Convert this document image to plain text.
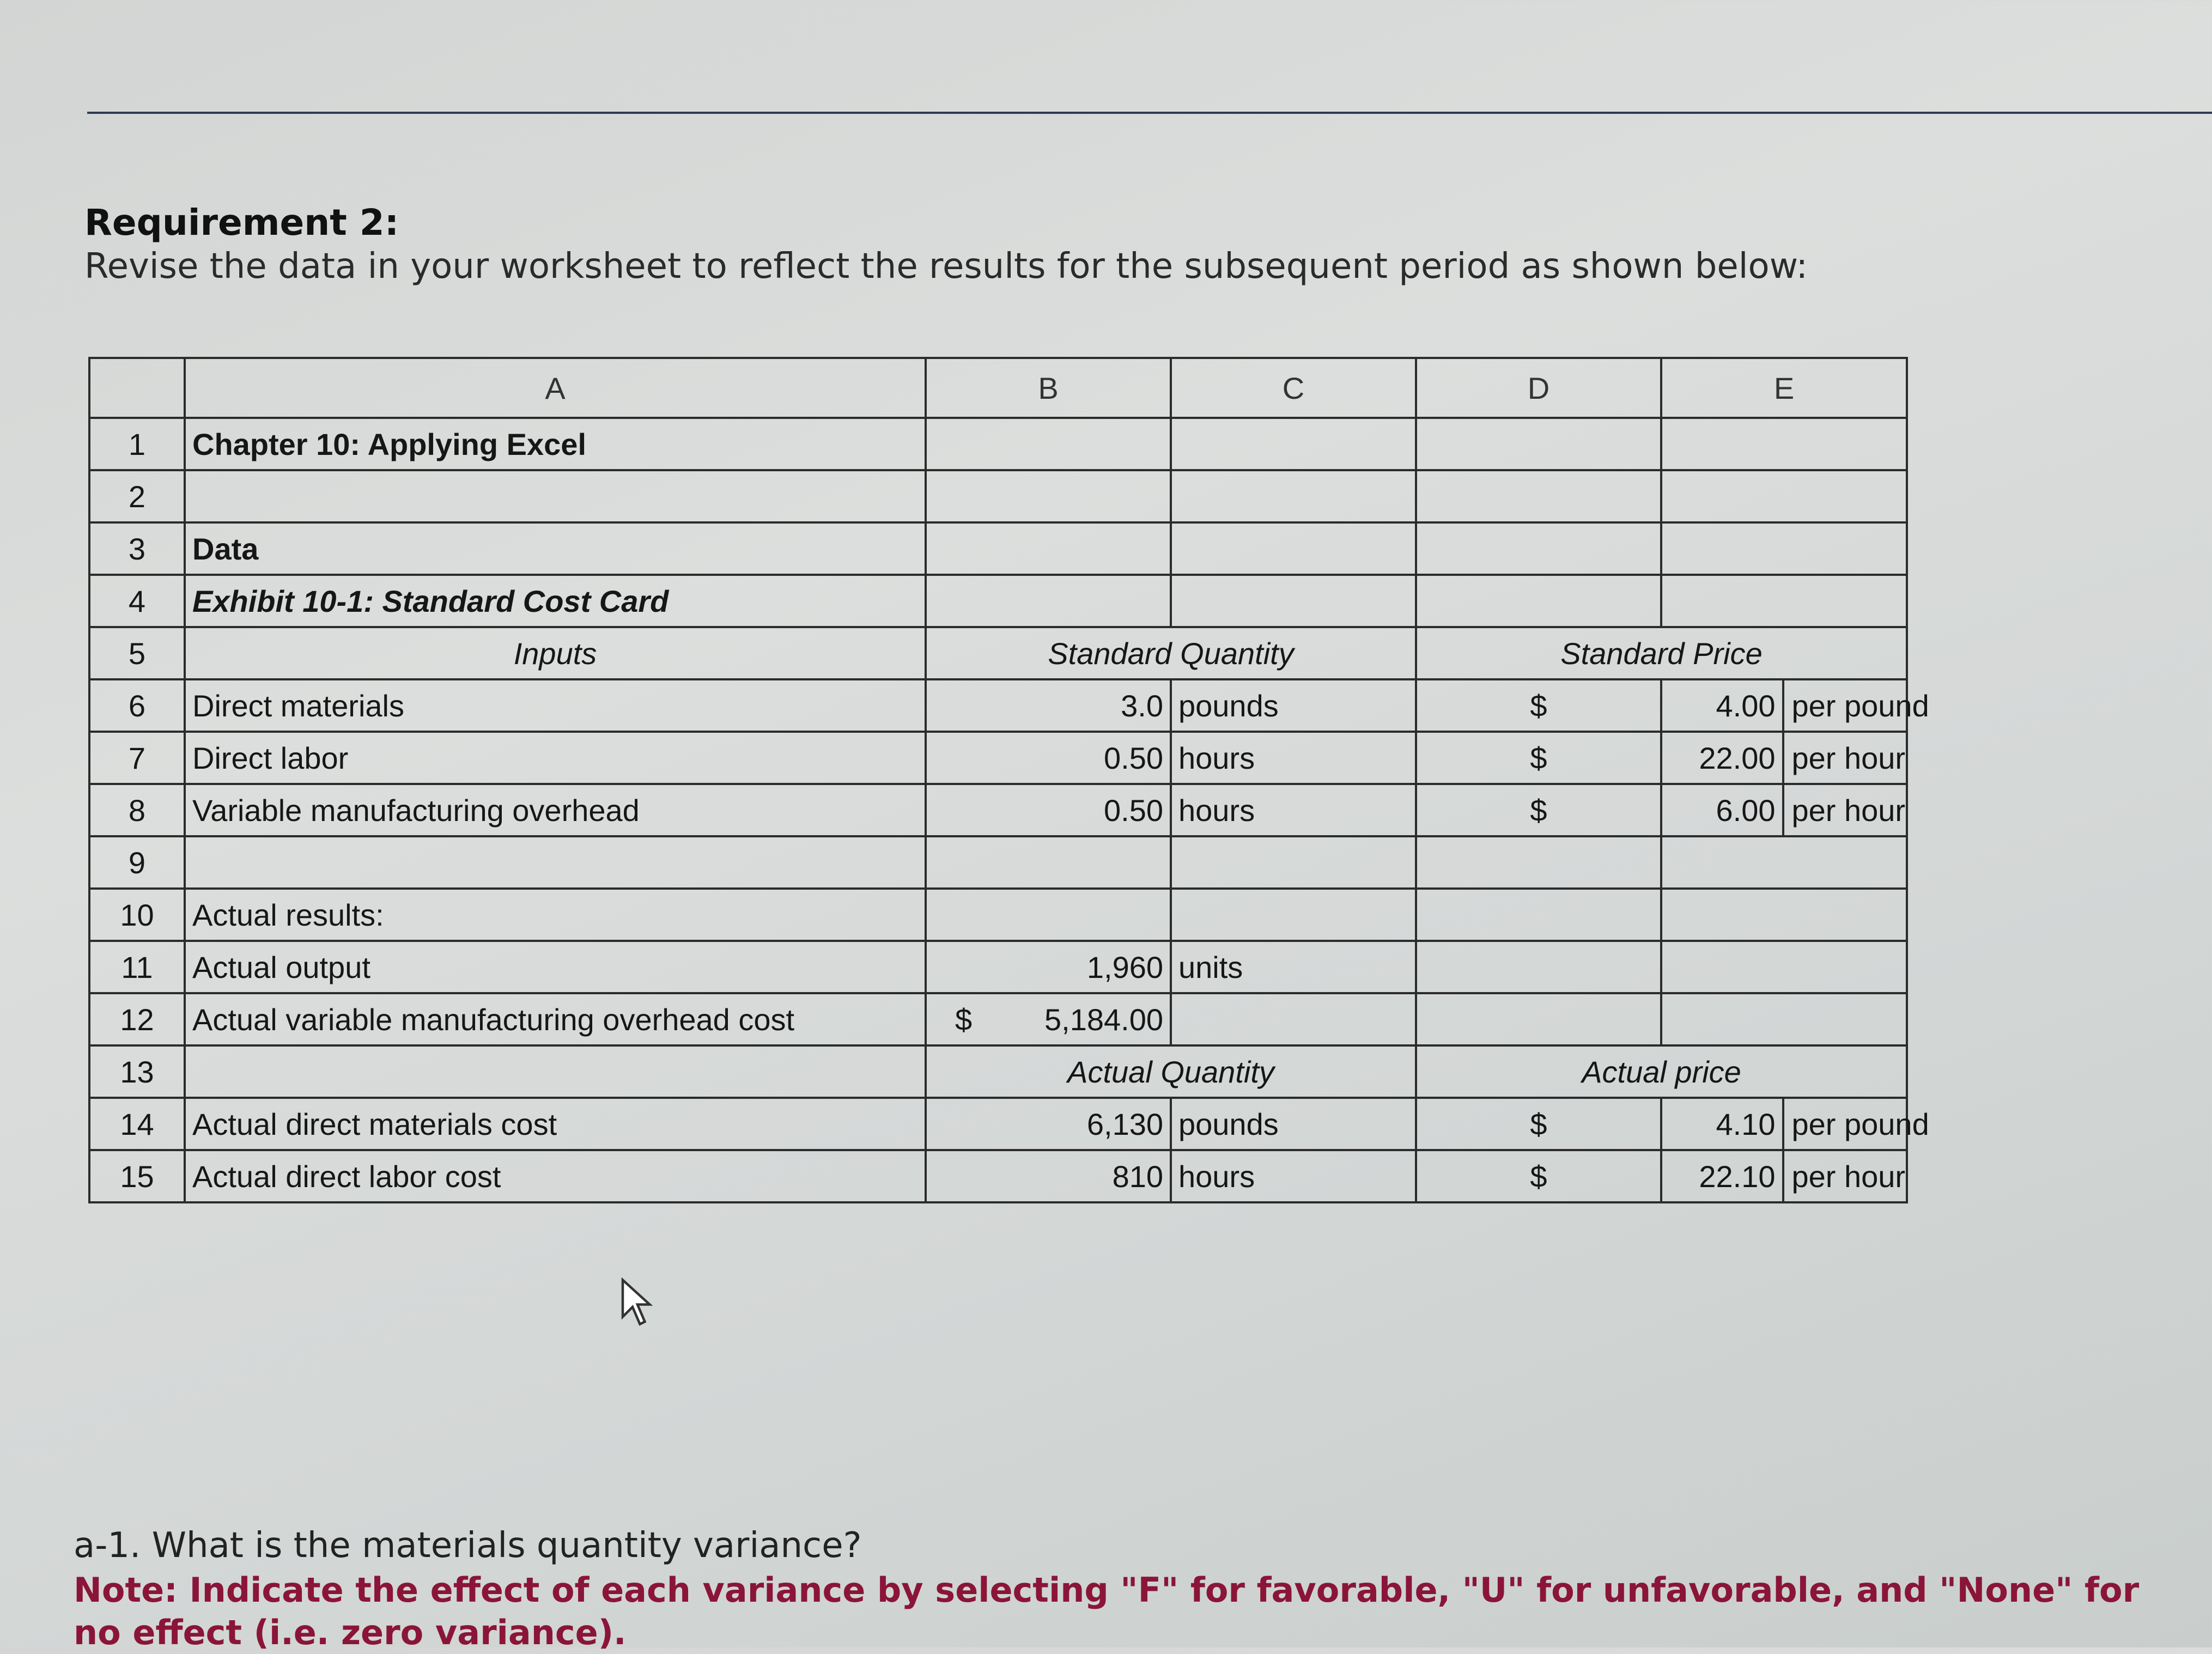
Requirement 2:
Revise the data in your worksheet to reflect the results for the subsequent period as shown below:
	A	B	C	D	E
1	Chapter 10: Applying Excel				
2					
3	Data				
4	Exhibit 10-1: Standard Cost Card				
5	Inputs	Standard Quantity		Standard Price	
6	Direct materials	3.0	pounds	$	4.00 per pound

7	Direct labor	0.50	hours	$	22.00 per hour

8	Variable manufacturing overhead	0.50	hours	$	6.00 per hour

9					
10	Actual results:				
11	Actual output	1,960	units		
12	Actual variable manufacturing overhead cost	$ 5,184.00			

13		Actual Quantity		Actual price	
14	Actual direct materials cost	6,130	pounds	$	4.10 per pound

15	Actual direct labor cost	810	hours	$	22.10 per hour
a-1. What is the materials quantity variance?
Note: Indicate the effect of each variance by selecting "F" for favorable, "U" for unfavorable, and "None" for no effect (i.e. zero variance).
